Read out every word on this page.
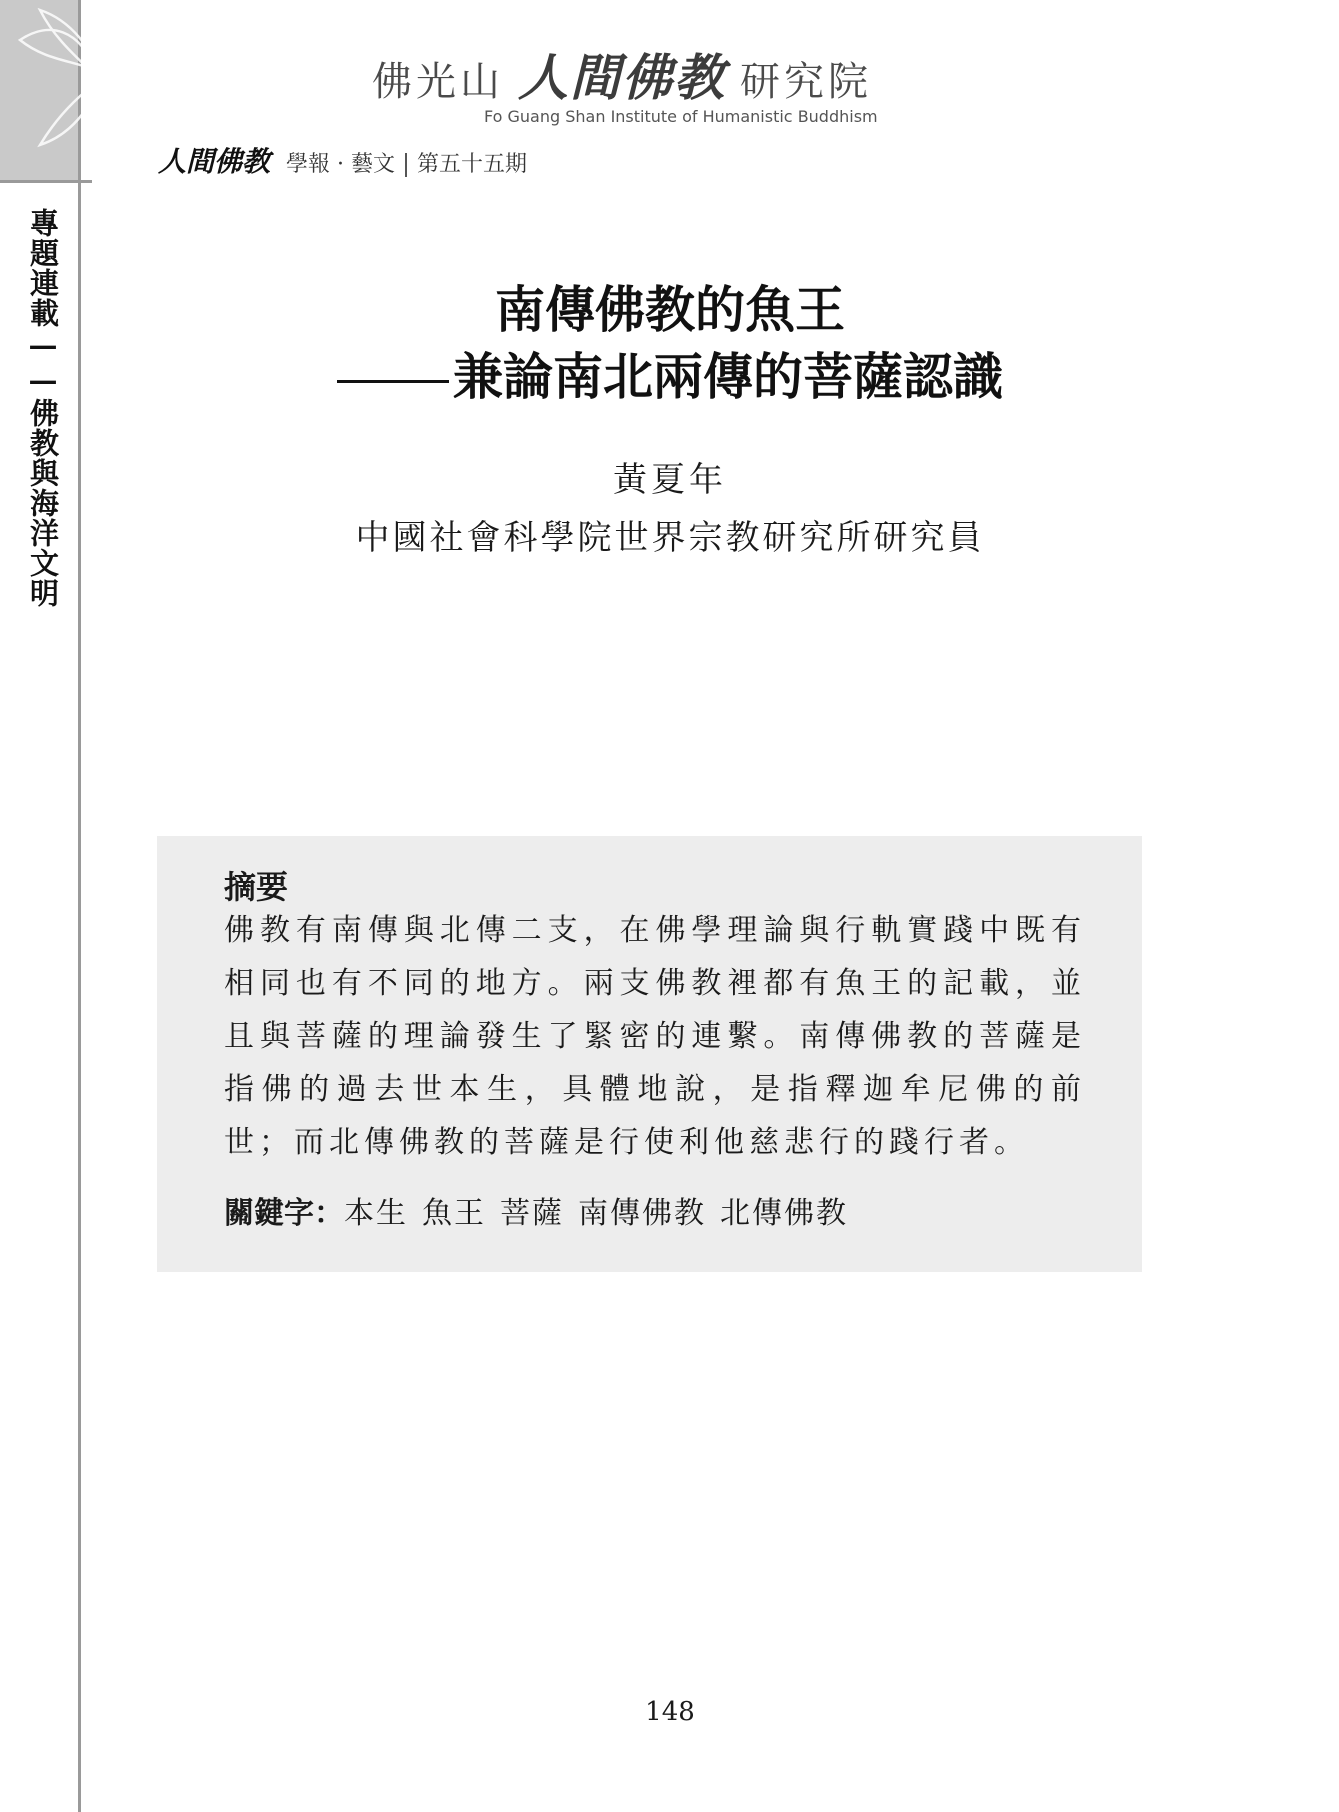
專題連載——佛教與海洋文明
佛光山 人間佛教 研究院
Fo Guang Shan Institute of Humanistic Buddhism
人間佛教 學報 · 藝文 第五十五期
南傳佛教的魚王
兼論南北兩傳的菩薩認識
黃夏年
中國社會科學院世界宗教研究所研究員
摘要
佛教有南傳與北傳二支，在佛學理論與行軌實踐中既有相同也有不同的地方。兩支佛教裡都有魚王的記載，並且與菩薩的理論發生了緊密的連繫。南傳佛教的菩薩是指佛的過去世本生，具體地說，是指釋迦牟尼佛的前世；而北傳佛教的菩薩是行使利他慈悲行的踐行者。
關鍵字：本生 魚王 菩薩 南傳佛教 北傳佛教
148
